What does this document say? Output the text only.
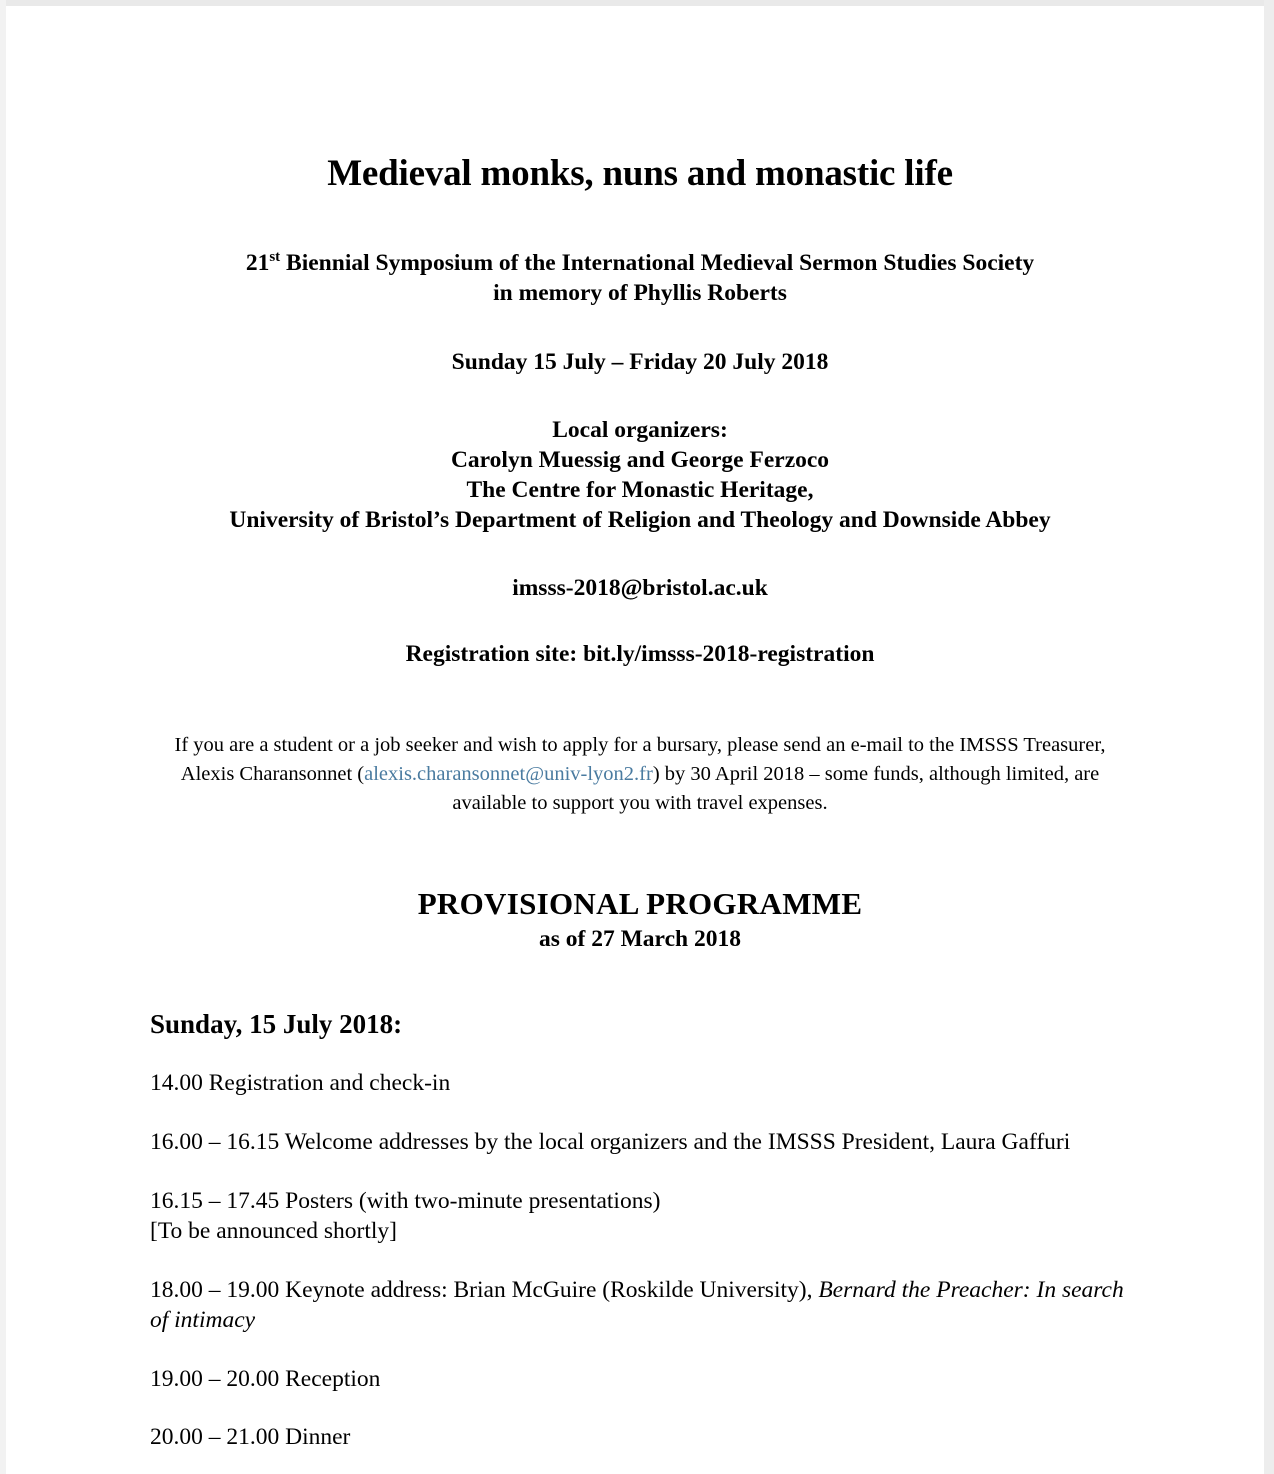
Medieval monks, nuns and monastic life
21st Biennial Symposium of the International Medieval Sermon Studies Society
in memory of Phyllis Roberts
Sunday 15 July – Friday 20 July 2018
Local organizers:
Carolyn Muessig and George Ferzoco
The Centre for Monastic Heritage,
University of Bristol’s Department of Religion and Theology and Downside Abbey
imsss-2018@bristol.ac.uk
Registration site: bit.ly/imsss-2018-registration
If you are a student or a job seeker and wish to apply for a bursary, please send an e-mail to the IMSSS Treasurer, Alexis Charansonnet (alexis.charansonnet@univ-lyon2.fr) by 30 April 2018 – some funds, although limited, are available to support you with travel expenses.
PROVISIONAL PROGRAMME
as of 27 March 2018
Sunday, 15 July 2018:
14.00 Registration and check-in
16.00 – 16.15 Welcome addresses by the local organizers and the IMSSS President, Laura Gaffuri
16.15 – 17.45 Posters (with two-minute presentations)
[To be announced shortly]
18.00 – 19.00 Keynote address: Brian McGuire (Roskilde University), Bernard the Preacher: In search of intimacy
19.00 – 20.00 Reception
20.00 – 21.00 Dinner
